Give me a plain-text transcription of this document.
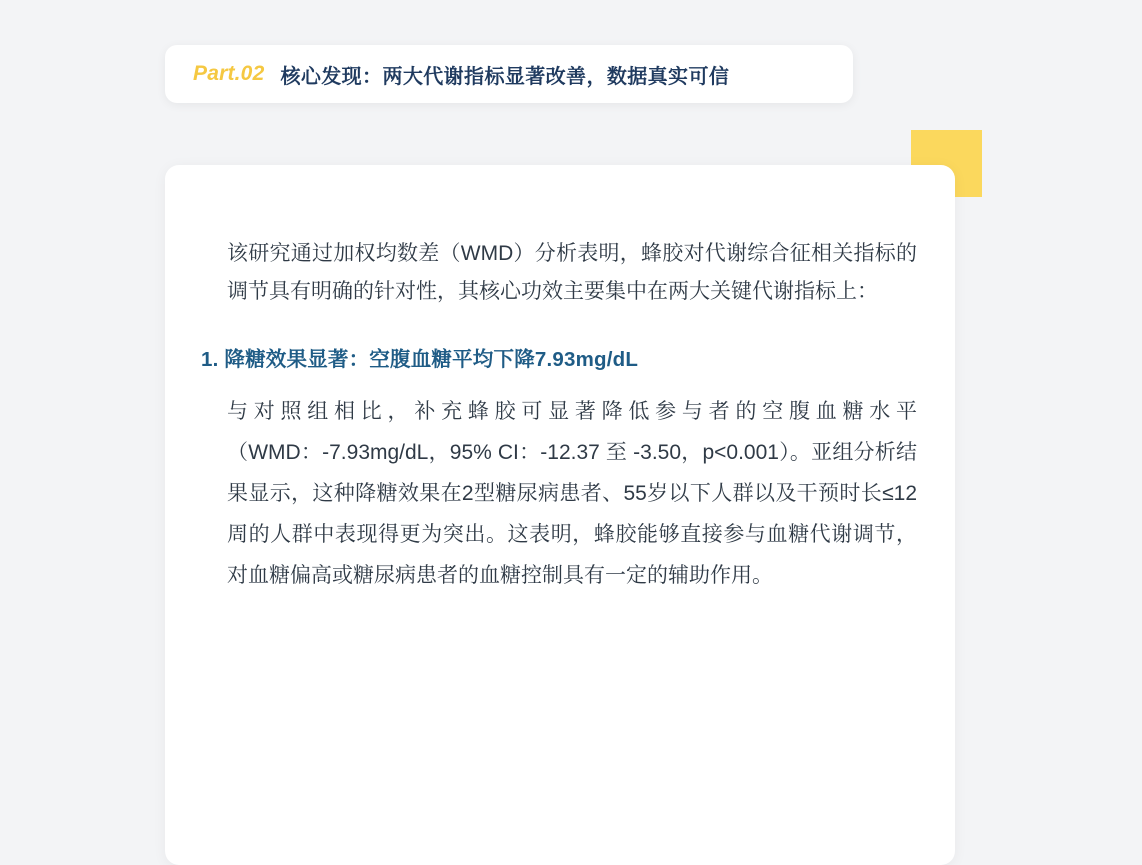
Part.02 核心发现：两大代谢指标显著改善，数据真实可信

该研究通过加权均数差（WMD）分析表明，蜂胶对代谢综合征相关指标的调节具有明确的针对性，其核心功效主要集中在两大关键代谢指标上：

1. 降糖效果显著：空腹血糖平均下降7.93mg/dL

与对照组相比，补充蜂胶可显著降低参与者的空腹血糖水平（WMD：-7.93mg/dL，95% CI：-12.37 至 -3.50，p<0.001）。亚组分析结果显示，这种降糖效果在2型糖尿病患者、55岁以下人群以及干预时长≤12周的人群中表现得更为突出。这表明，蜂胶能够直接参与血糖代谢调节，对血糖偏高或糖尿病患者的血糖控制具有一定的辅助作用。
